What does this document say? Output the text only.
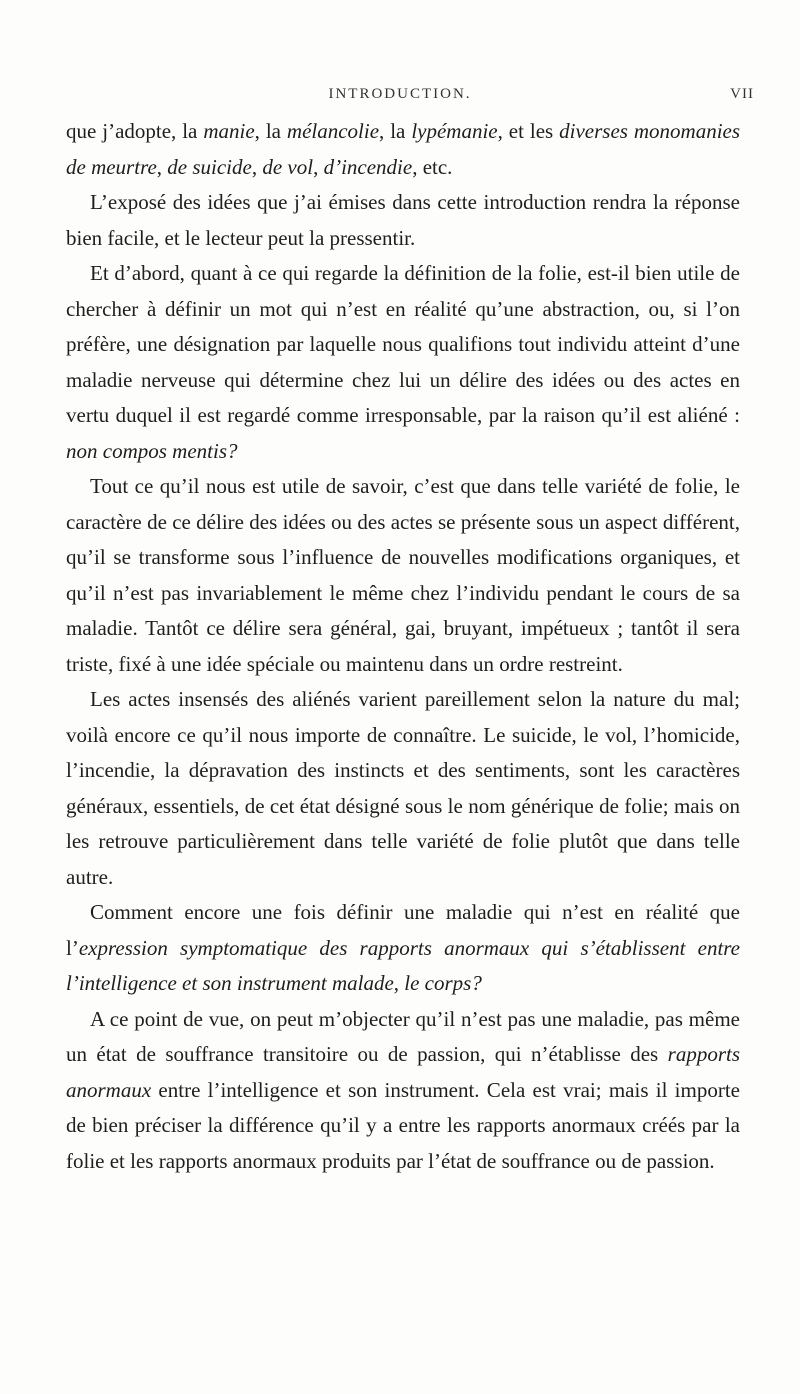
INTRODUCTION.	VII

que j’adopte, la manie, la mélancolie, la lypémanie, et les diverses monomanies de meurtre, de suicide, de vol, d’incendie, etc.

L’exposé des idées que j’ai émises dans cette introduction rendra la réponse bien facile, et le lecteur peut la pressentir.

Et d’abord, quant à ce qui regarde la définition de la folie, est-il bien utile de chercher à définir un mot qui n’est en réalité qu’une abstraction, ou, si l’on préfère, une désignation par laquelle nous qualifions tout individu atteint d’une maladie nerveuse qui détermine chez lui un délire des idées ou des actes en vertu duquel il est regardé comme irresponsable, par la raison qu’il est aliéné : non compos mentis?

Tout ce qu’il nous est utile de savoir, c’est que dans telle variété de folie, le caractère de ce délire des idées ou des actes se présente sous un aspect différent, qu’il se transforme sous l’influence de nouvelles modifications organiques, et qu’il n’est pas invariablement le même chez l’individu pendant le cours de sa maladie. Tantôt ce délire sera général, gai, bruyant, impétueux ; tantôt il sera triste, fixé à une idée spéciale ou maintenu dans un ordre restreint.

Les actes insensés des aliénés varient pareillement selon la nature du mal; voilà encore ce qu’il nous importe de connaître. Le suicide, le vol, l’homicide, l’incendie, la dépravation des instincts et des sentiments, sont les caractères généraux, essentiels, de cet état désigné sous le nom générique de folie; mais on les retrouve particulièrement dans telle variété de folie plutôt que dans telle autre.

Comment encore une fois définir une maladie qui n’est en réalité que l’expression symptomatique des rapports anormaux qui s’établissent entre l’intelligence et son instrument malade, le corps?

A ce point de vue, on peut m’objecter qu’il n’est pas une maladie, pas même un état de souffrance transitoire ou de passion, qui n’établisse des rapports anormaux entre l’intelligence et son instrument. Cela est vrai; mais il importe de bien préciser la différence qu’il y a entre les rapports anormaux créés par la folie et les rapports anormaux produits par l’état de souffrance ou de passion.
